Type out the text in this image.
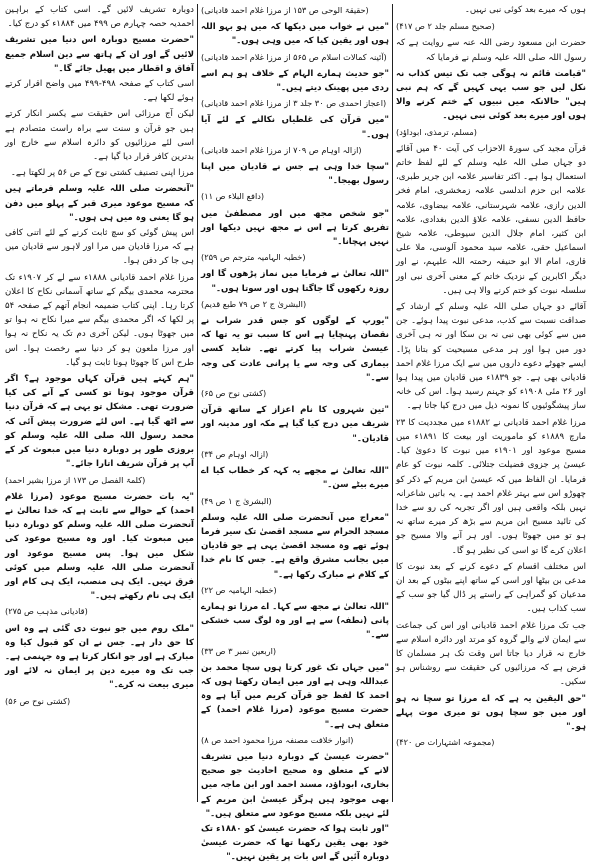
ہوں کہ میرے بعد کوئی نبی نہیں۔

(صحیح مسلم جلد ۲ ص ۴۱۷)

حضرت ابن مسعود رضی اللہ عنہ سے روایت ہے کہ رسول اللہ صلی اللہ علیہ وسلم نے فرمایا کہ

"قیامت قائم نہ ہوگی جب تک تیس کذاب نہ نکل لیں جو سب یہی کہیں گے کہ ہم نبی ہیں" حالانکہ میں نبیوں کے ختم کرنے والا ہوں اور میرے بعد کوئی نبی نہیں۔

(مسلم، ترمذی، ابوداؤد)

قرآن مجید کی سورۃ الاحزاب کی آیت ۴۰ میں آقائے دو جہاں صلی اللہ علیہ وسلم کے لئے لفظ خاتم استعمال ہوا ہے۔ اکثر تفاسیر علامہ ابن جریر طبری، علامہ ابن حزم اندلسی علامہ زمخشری، امام فخر الدین رازی، علامہ شہرستانی، علامہ بیضاوی، علامہ حافظ الدین نسفی، علامہ علاؤ الدین بغدادی، علامہ ابن کثیر، امام جلال الدین سیوطی، علامہ شیخ اسماعیل حقی، علامہ سید محمود آلوسی، ملا علی قاری، امام الا ابو حنیفہ رحمتہ اللہ علیہم، نے اور دیگر اکابرین کے نزدیک خاتم کے معنی آخری نبی اور سلسلہ نبوت کو ختم کرنے والا ہی ہیں۔

آقائے دو جہاں صلی اللہ علیہ وسلم کے ارشاد کے صداقت نسبت سے کذب، مدعی نبوت پیدا ہوئے۔ جن میں سے کوئی بھی نبی نہ بن سکا اور نہ ہی آخری دور میں ہوا اور ہر مدعی مسیحیت کو بتانا پڑا۔ ایسے جھوٹے دعوے داروں میں سے ایک مرزا غلام احمد قادیانی بھی ہے۔ جو ۱۸۳۹ء میں قادیان میں پیدا ہوا اور ۲۶ مئی ۱۹۰۸ء کو جہنم رسید ہوا۔ اس کی خانہ ساز پیشگوئیوں کا نمونہ ذیل میں درج کیا جاتا ہے۔

مرزا غلام احمد قادیانی نے ۱۸۸۲ء میں مجددیت کا ۲۳ مارچ ۱۸۸۹ء کو ماموریت اور بیعت کا ۱۸۹۱ء میں مسیح موعود اور ۱۹۰۱ء میں نبوت کا دعویٰ کیا۔ عیسیٰ پر جزوی فضیلت جتلائی۔ کلمہ نبوت کو عام فرمایا۔ ان الفاظ میں کہ عیسیٰ ابن مریم کے ذکر کو چھوڑو اس سے بہتر غلام احمد ہے۔ یہ باتیں شاعرانہ نہیں بلکہ واقعی ہیں اور اگر تجربہ کی رو سے خدا کی تائید مسیح ابن مریم سے بڑھ کر میرے ساتھ نہ ہو تو میں جھوٹا ہوں۔ اور ہر آنے والا مسیح جو اعلان کرے گا تو اسی کی نظیر ہو گا۔

اس مختلف اقسام کے دعوے کرنے کے بعد نبوت کا مدعی بن بیٹھا اور اسی کے ساتھ اپنے بیٹوں کے بعد ان مدعیان کو گمراہی کے راستے پر ڈال گیا جو سب کے سب کذاب ہیں۔

جب تک مرزا غلام احمد قادیانی اور اس کی جماعت سے ایمان لانے والے گروہ کو مرتد اور دائرہ اسلام سے خارج نہ قرار دیا جاتا اس وقت تک ہر مسلمان کا فرض ہے کہ مرزائیوں کی حقیقت سے روشناس ہو سکیں۔

"حق الیقین یہ ہے کہ اے مرزا تو سچا نہ ہو اور میں جو سچا ہوں تو میری موت پہلے ہو۔"

(مجموعہ اشتہارات ص ۴۲۰)

(حقیقۃ الوحی ص ۱۵۳ از مرزا غلام احمد قادیانی)

"میں نے خواب میں دیکھا کہ میں ہو بہو اللہ ہوں اور یقین کیا کہ میں وہی ہوں۔"

(آئینہ کمالات اسلام ص ۵۶۵ از مرزا غلام احمد قادیانی)

"جو حدیث ہمارے الہام کے خلاف ہو ہم اسے ردی میں پھینک دیتے ہیں۔"

(اعجاز احمدی ص ۳۰ جلد ۳ از مرزا غلام احمد قادیانی)

"میں قرآن کی غلطیاں نکالنے کے لئے آیا ہوں۔"

(ازالہ اوہام ص ۷۰۹ از مرزا غلام احمد قادیانی)

"سچا خدا وہی ہے جس نے قادیان میں اپنا رسول بھیجا۔"

(دافع البلاء ص ۱۱)

"جو شخص مجھ میں اور مصطفیٰ میں تفریق کرتا ہے اس نے مجھ نہیں دیکھا اور نہیں پہچانا۔"

(خطبہ الہامیہ مترجم ص ۲۵۹)

"اللہ تعالیٰ نے فرمایا میں نماز پڑھوں گا اور روزہ رکھوں گا جاگتا ہوں اور سوتا ہوں۔"

(البشریٰ ج ۲ ص ۷۹ طبع قدیم)

"یورپ کے لوگوں کو جس قدر شراب نے نقصان پہنچایا ہے اس کا سبب تو یہ تھا کہ عیسیٰ شراب پیا کرتے تھے۔ شاید کسی بیماری کی وجہ سے یا پرانی عادت کی وجہ سے۔"

(کشتی نوح ص ۶۵)

"تین شہروں کا نام اعزاز کے ساتھ قرآن شریف میں درج کیا گیا ہے مکہ اور مدینہ اور قادیان۔"

(ازالہ اوہام ص ۳۴)

"اللہ تعالیٰ نے مجھے یہ کہہ کر خطاب کیا اے میرے بیٹے سن۔"

(البشریٰ ج ۱ ص ۴۹)

"معراج میں آنحضرت صلی اللہ علیہ وسلم مسجد الحرام سے مسجد اقصیٰ تک سیر فرما ہوئے تھے وہ مسجد اقصیٰ یہی ہے جو قادیان میں بجانب مشرق واقع ہے۔ جس کا نام خدا کے کلام نے مبارک رکھا ہے۔"

(خطبہ الہامیہ ص ۲۲)

"اللہ تعالیٰ نے مجھ سے کہا۔ اے مرزا تو ہمارے پانی (نطفہ) سے ہے اور وہ لوگ سب خشکی سے۔"

(اربعین نمبر ۳ ص ۳۳)

"میں جہاں تک غور کرتا ہوں سچا محمد بن عبداللہ وہی ہے اور میں ایمان رکھتا ہوں کہ احمد کا لفظ جو قرآن کریم میں آیا ہے وہ حضرت مسیح موعود (مرزا غلام احمد) کے متعلق ہی ہے۔"

(انوار خلافت مصنفہ مرزا محمود احمد ص ۸)

"حضرت عیسیٰ کے دوبارہ دنیا میں تشریف لانے کے متعلق وہ صحیح احادیث جو صحیح بخاری، ابوداؤد، مسند احمد اور ابن ماجہ میں بھی موجود ہیں ہرگز عیسیٰ ابن مریم کے لئے نہیں بلکہ مسیح موعود سے متعلق ہیں۔"

"اور ثابت ہوا کہ حضرت عیسیٰ کو ۱۸۸۰ء تک خود بھی یقین رکھنا تھا کہ حضرت عیسیٰ دوبارہ آئیں گے اس بات پر یقین نہیں۔"

دوبارہ تشریف لائیں گے۔ اسی کتاب کے براہین احمدیہ حصہ چہارم ص ۴۹۹ میں ۱۸۸۴ء کو درج کیا۔

"حضرت مسیح دوبارہ اس دنیا میں تشریف لائیں گے اور ان کے ہاتھ سے دین اسلام جمیع آفاق و اقطار میں پھیل جائے گا۔"

اسی کتاب کے صفحہ ۴۹۸-۴۹۹ میں واضح اقرار کرتے ہوئے لکھا ہے۔

لیکن آج مرزائی اس حقیقت سے یکسر انکار کرتے ہیں جو قرآن و سنت سے براہ راست متصادم ہے اسی لئے مرزائیوں کو دائرہ اسلام سے خارج اور بدترین کافر قرار دیا گیا ہے۔

مرزا اپنی تصنیف کشتی نوح کے ص ۵۶ پر لکھتا ہے۔

"آنحضرت صلی اللہ علیہ وسلم فرماتے ہیں کہ مسیح موعود میری قبر کے پہلو میں دفن ہو گا یعنی وہ میں ہی ہوں۔"

اس پیش گوئی کو سچ ثابت کرنے کے لئے اتنی کافی ہے کہ مرزا قادیان میں مرا اور لاہور سے قادیان میں ہی جا کر دفن ہوا۔

مرزا غلام احمد قادیانی ۱۸۸۸ء سے لے کر ۱۹۰۷ء تک محترمہ محمدی بیگم کے ساتھ آسمانی نکاح کا اعلان کرتا رہا۔ اپنی کتاب ضمیمہ انجام آتھم کے صفحہ ۵۴ پر لکھا کہ اگر محمدی بیگم سے میرا نکاح نہ ہوا تو میں جھوٹا ہوں۔ لیکن آخری دم تک یہ نکاح نہ ہوا اور مرزا ملعون ہو کر دنیا سے رخصت ہوا۔ اس طرح اس کا جھوٹا ہونا ثابت ہو گیا۔

"ہم کہتے ہیں قرآن کہاں موجود ہے؟ اگر قرآن موجود ہوتا تو کسی کے آنے کی کیا ضرورت تھی۔ مشکل تو یہی ہے کہ قرآن دنیا سے اٹھ گیا ہے۔ اس لئے ضرورت پیش آئی کہ محمد رسول اللہ صلی اللہ علیہ وسلم کو بروزی طور پر دوبارہ دنیا میں مبعوث کر کے آپ پر قرآن شریف اتارا جائے۔"

(کلمۃ الفصل ص ۱۷۳ از مرزا بشیر احمد)

"یہ بات حضرت مسیح موعود (مرزا غلام احمد) کے حوالے سے ثابت ہے کہ خدا تعالیٰ نے آنحضرت صلی اللہ علیہ وسلم کو دوبارہ دنیا میں مبعوث کیا۔ اور وہ مسیح موعود کی شکل میں ہوا۔ پس مسیح موعود اور آنحضرت صلی اللہ علیہ وسلم میں کوئی فرق نہیں۔ ایک ہی منصب، ایک ہی کام اور ایک ہی نام رکھتے ہیں۔"

(قادیانی مذہب ص ۲۷۵)

"ملک روم میں جو نبوت دی گئی ہے وہ اس کا حق دار ہے۔ جس نے ان کو قبول کیا وہ مبارک ہے اور جو انکار کرتا ہے وہ جہنمی ہے۔ جب تک وہ میرے دین پر ایمان نہ لائے اور میری بیعت نہ کرے۔"

(کشتی نوح ص ۵۶)
